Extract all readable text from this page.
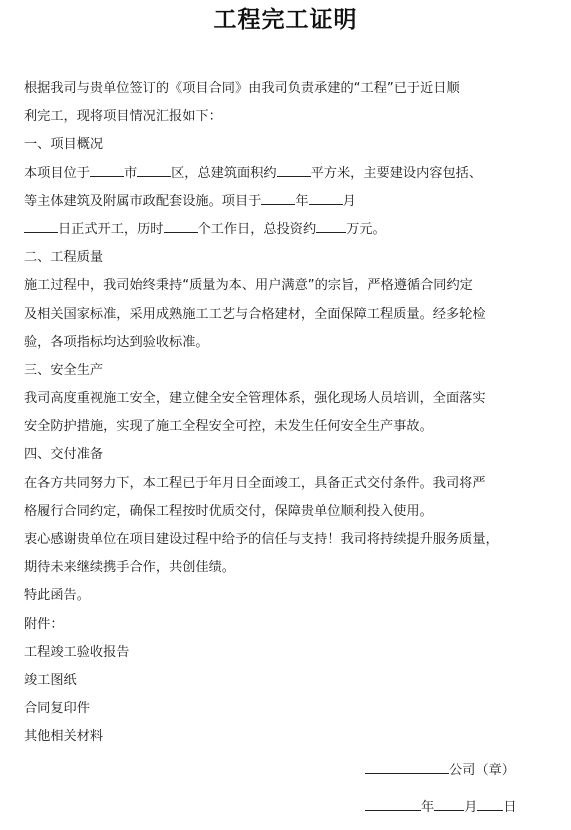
工程完工证明
根据我司与贵单位签订的《项目合同》由我司负责承建的“工程”已于近日顺
利完工，现将项目情况汇报如下：
一、项目概况
本项目位于	市	区，总建筑面积约	平方米，主要建设内容包括、
等主体建筑及附属市政配套设施。项目于	年	月
日正式开工，历时	个工作日，总投资约 万元。
二、工程质量
施工过程中，我司始终秉持“质量为本、用户满意”的宗旨，严格遵循合同约定
及相关国家标准，采用成熟施工工艺与合格建材，全面保障工程质量。经多轮检
验，各项指标均达到验收标准。
三、安全生产
我司高度重视施工安全，建立健全安全管理体系，强化现场人员培训，全面落实
安全防护措施，实现了施工全程安全可控，未发生任何安全生产事故。
四、交付准备
在各方共同努力下，本工程已于年月日全面竣工，具备正式交付条件。我司将严
格履行合同约定，确保工程按时优质交付，保障贵单位顺利投入使用。
衷心感谢贵单位在项目建设过程中给予的信任与支持！我司将持续提升服务质量，
期待未来继续携手合作，共创佳绩。
特此函告。
附件：
工程竣工验收报告
竣工图纸
合同复印件
其他相关材料
公司（章）
年 月 日
